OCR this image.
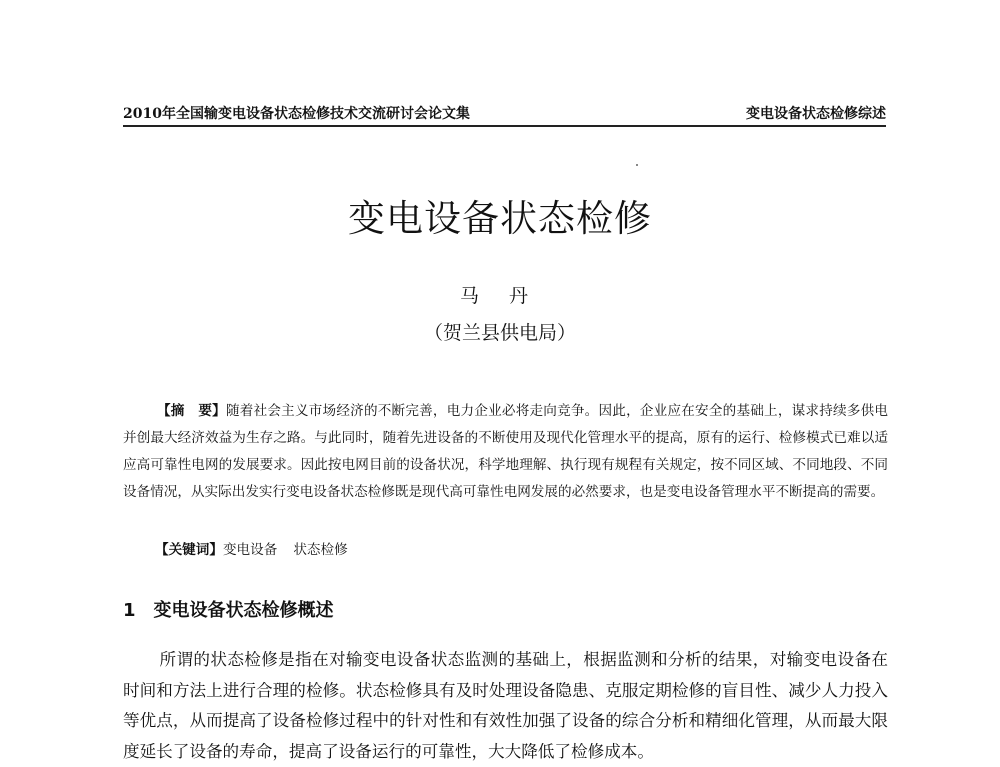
2010年全国输变电设备状态检修技术交流研讨会论文集	变电设备状态检修综述
变电设备状态检修
马 丹
（贺兰县供电局）
【摘　要】随着社会主义市场经济的不断完善，电力企业必将走向竞争。因此，企业应在安全的基础上，谋求持续多供电并创最大经济效益为生存之路。与此同时，随着先进设备的不断使用及现代化管理水平的提高，原有的运行、检修模式已难以适应高可靠性电网的发展要求。因此按电网目前的设备状况，科学地理解、执行现有规程有关规定，按不同区域、不同地段、不同设备情况，从实际出发实行变电设备状态检修既是现代高可靠性电网发展的必然要求，也是变电设备管理水平不断提高的需要。
【关键词】变电设备 状态检修
1 变电设备状态检修概述
所谓的状态检修是指在对输变电设备状态监测的基础上，根据监测和分析的结果，对输变电设备在时间和方法上进行合理的检修。状态检修具有及时处理设备隐患、克服定期检修的盲目性、减少人力投入等优点，从而提高了设备检修过程中的针对性和有效性加强了设备的综合分析和精细化管理，从而最大限度延长了设备的寿命，提高了设备运行的可靠性，大大降低了检修成本。
